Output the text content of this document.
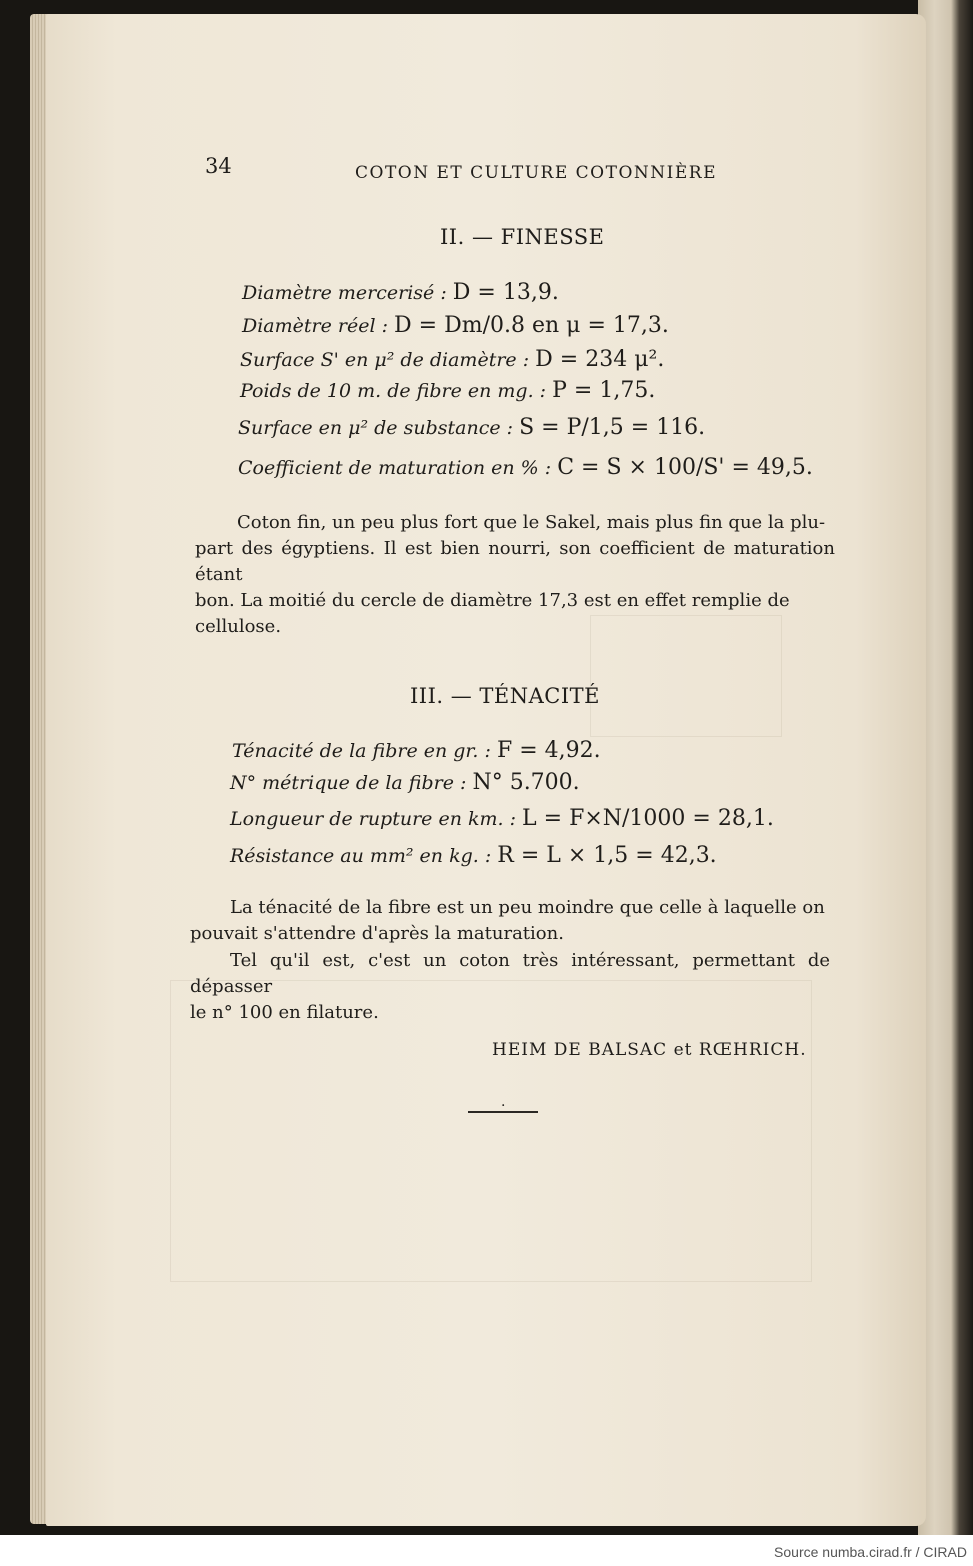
34	COTON ET CULTURE COTONNIÈRE
II. — FINESSE
Diamètre mercerisé : D = 13,9.
Diamètre réel : D = Dm/0.8 en μ = 17,3.
Surface S' en μ² de diamètre : D = 234 μ².
Poids de 10 m. de fibre en mg. : P = 1,75.
Surface en μ² de substance : S = P/1,5 = 116.
Coefficient de maturation en % : C = S × 100/S' = 49,5.
Coton fin, un peu plus fort que le Sakel, mais plus fin que la plu-
part des égyptiens. Il est bien nourri, son coefficient de maturation étant
bon. La moitié du cercle de diamètre 17,3 est en effet remplie de
cellulose.
III. — TÉNACITÉ
Ténacité de la fibre en gr. : F = 4,92.
N° métrique de la fibre : N° 5.700.
Longueur de rupture en km. : L = F×N/1000 = 28,1.
Résistance au mm² en kg. : R = L × 1,5 = 42,3.
La ténacité de la fibre est un peu moindre que celle à laquelle on
pouvait s'attendre d'après la maturation.
Tel qu'il est, c'est un coton très intéressant, permettant de dépasser
le n° 100 en filature.
HEIM DE BALSAC et RŒHRICH.
·
Source numba.cirad.fr / CIRAD
